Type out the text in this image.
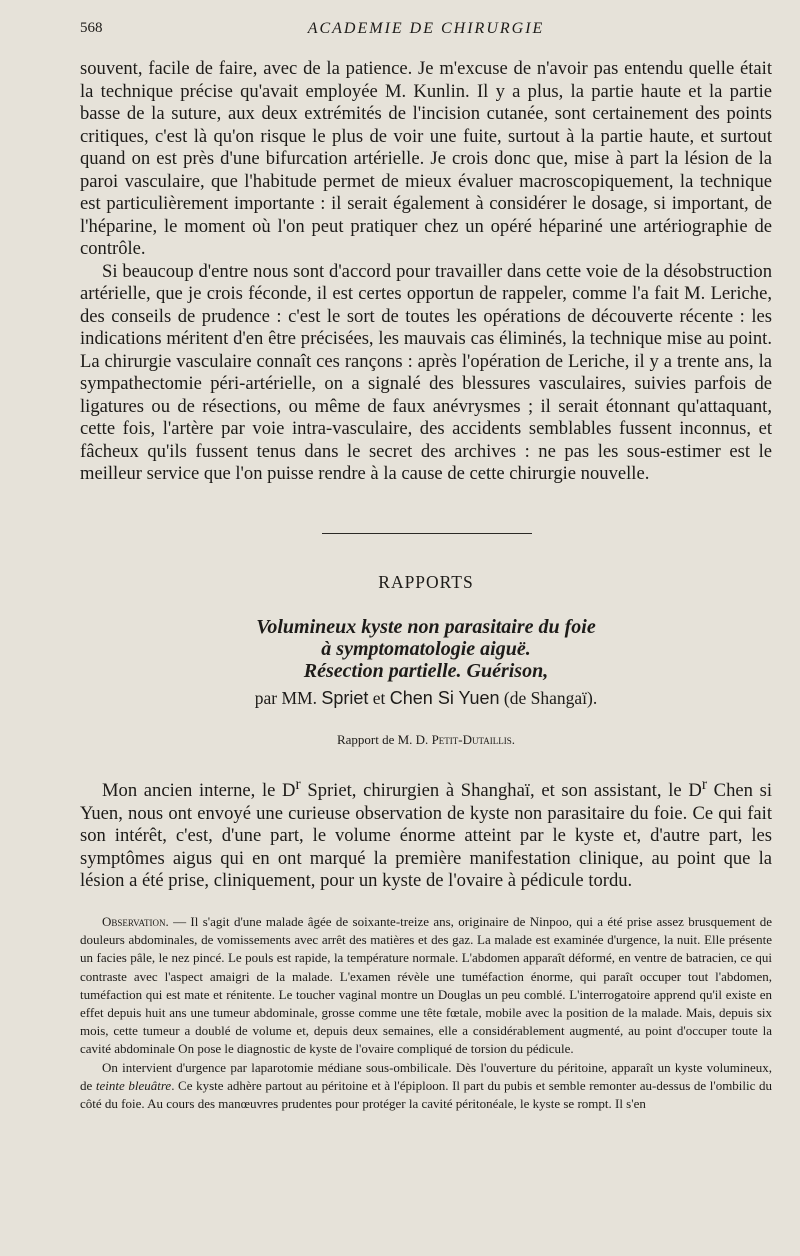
568	ACADEMIE DE CHIRURGIE

souvent, facile de faire, avec de la patience. Je m'excuse de n'avoir pas entendu quelle était la technique précise qu'avait employée M. Kunlin. Il y a plus, la partie haute et la partie basse de la suture, aux deux extrémités de l'incision cutanée, sont certainement des points critiques, c'est là qu'on risque le plus de voir une fuite, surtout à la partie haute, et surtout quand on est près d'une bifurcation artérielle. Je crois donc que, mise à part la lésion de la paroi vasculaire, que l'habitude permet de mieux évaluer macroscopiquement, la technique est particulièrement importante : il serait également à considérer le dosage, si important, de l'héparine, le moment où l'on peut pratiquer chez un opéré hépariné une artériographie de contrôle.

Si beaucoup d'entre nous sont d'accord pour travailler dans cette voie de la désobstruction artérielle, que je crois féconde, il est certes opportun de rappeler, comme l'a fait M. Leriche, des conseils de prudence : c'est le sort de toutes les opérations de découverte récente : les indications méritent d'en être précisées, les mauvais cas éliminés, la technique mise au point. La chirurgie vasculaire connaît ces rançons : après l'opération de Leriche, il y a trente ans, la sympathectomie péri-artérielle, on a signalé des blessures vasculaires, suivies parfois de ligatures ou de résections, ou même de faux anévrysmes ; il serait étonnant qu'attaquant, cette fois, l'artère par voie intra-vasculaire, des accidents semblables fussent inconnus, et fâcheux qu'ils fussent tenus dans le secret des archives : ne pas les sous-estimer est le meilleur service que l'on puisse rendre à la cause de cette chirurgie nouvelle.

RAPPORTS
Volumineux kyste non parasitaire du foie
à symptomatologie aiguë.
Résection partielle. Guérison,
par MM. Spriet et Chen Si Yuen (de Shangaï).
Rapport de M. D. Petit-Dutaillis.

Mon ancien interne, le $D^r$ Spriet, chirurgien à Shanghaï, et son assistant, le $D^r$ Chen si Yuen, nous ont envoyé une curieuse observation de kyste non parasitaire du foie. Ce qui fait son intérêt, c'est, d'une part, le volume énorme atteint par le kyste et, d'autre part, les symptômes aigus qui en ont marqué la première manifestation clinique, au point que la lésion a été prise, cliniquement, pour un kyste de l'ovaire à pédicule tordu.

Observation. — Il s'agit d'une malade âgée de soixante-treize ans, originaire de Ninpoo, qui a été prise assez brusquement de douleurs abdominales, de vomissements avec arrêt des matières et des gaz. La malade est examinée d'urgence, la nuit. Elle présente un facies pâle, le nez pincé. Le pouls est rapide, la température normale. L'abdomen apparaît déformé, en ventre de batracien, ce qui contraste avec l'aspect amaigri de la malade. L'examen révèle une tuméfaction énorme, qui paraît occuper tout l'abdomen, tuméfaction qui est mate et rénitente. Le toucher vaginal montre un Douglas un peu comblé. L'interrogatoire apprend qu'il existe en effet depuis huit ans une tumeur abdominale, grosse comme une tête fœtale, mobile avec la position de la malade. Mais, depuis six mois, cette tumeur a doublé de volume et, depuis deux semaines, elle a considérablement augmenté, au point d'occuper toute la cavité abdominale On pose le diagnostic de kyste de l'ovaire compliqué de torsion du pédicule.

On intervient d'urgence par laparotomie médiane sous-ombilicale. Dès l'ouverture du péritoine, apparaît un kyste volumineux, de teinte bleuâtre. Ce kyste adhère partout au péritoine et à l'épiploon. Il part du pubis et semble remonter au-dessus de l'ombilic du côté du foie. Au cours des manœuvres prudentes pour protéger la cavité péritonéale, le kyste se rompt. Il s'en
